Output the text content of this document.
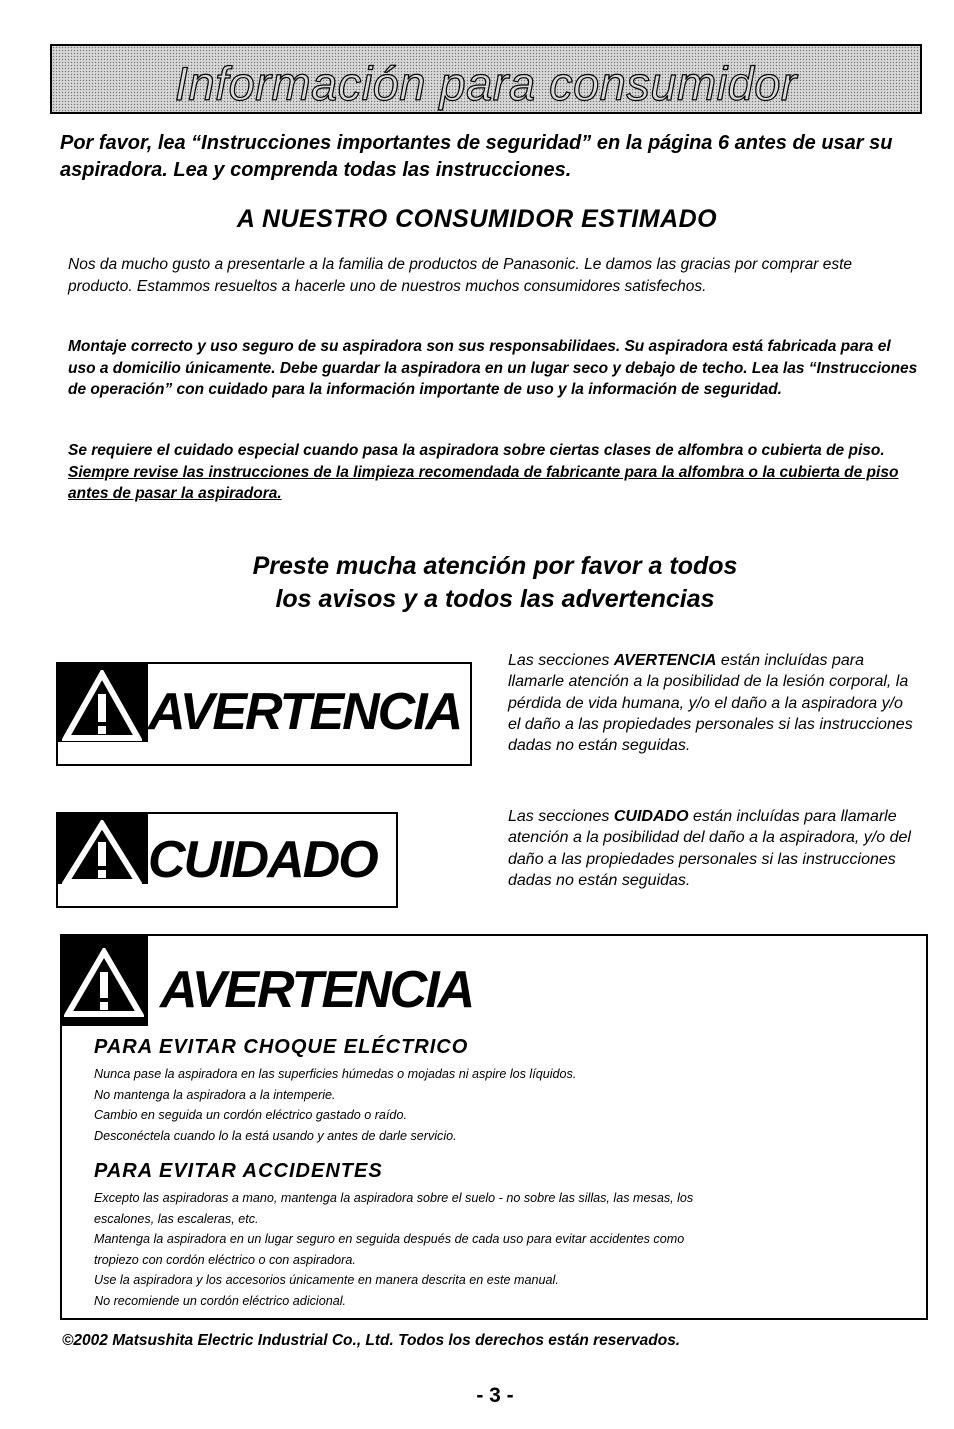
Información para consumidor
Por favor, lea “Instrucciones importantes de seguridad” en la página 6 antes de usar su aspiradora. Lea y comprenda todas las instrucciones.
A NUESTRO CONSUMIDOR ESTIMADO
Nos da mucho gusto a presentarle a la familia de productos de Panasonic. Le damos las gracias por comprar este producto. Estammos resueltos a hacerle uno de nuestros muchos consumidores satisfechos.
Montaje correcto y uso seguro de su aspiradora son sus responsabilidaes. Su aspiradora está fabricada para el uso a domicilio únicamente. Debe guardar la aspiradora en un lugar seco y debajo de techo. Lea las “Instrucciones de operación” con cuidado para la información importante de uso y la información de seguridad.
Se requiere el cuidado especial cuando pasa la aspiradora sobre ciertas clases de alfombra o cubierta de piso. Siempre revise las instrucciones de la limpieza recomendada de fabricante para la alfombra o la cubierta de piso antes de pasar la aspiradora.
Preste mucha atención por favor a todos
los avisos y a todos las advertencias
AVERTENCIA
Las secciones AVERTENCIA están incluídas para llamarle atención a la posibilidad de la lesión corporal, la pérdida de vida humana, y/o el daño a la aspiradora y/o el daño a las propiedades personales si las instrucciones dadas no están seguidas.
CUIDADO
Las secciones CUIDADO están incluídas para llamarle atención a la posibilidad del daño a la aspiradora, y/o del daño a las propiedades personales si las instrucciones dadas no están seguidas.
AVERTENCIA
PARA EVITAR CHOQUE ELÉCTRICO
Nunca pase la aspiradora en las superficies húmedas o mojadas ni aspire los líquidos.
No mantenga la aspiradora a la intemperie.
Cambio en seguida un cordón eléctrico gastado o raído.
Desconéctela cuando lo la está usando y antes de darle servicio.
PARA EVITAR ACCIDENTES
Excepto las aspiradoras a mano, mantenga la aspiradora sobre el suelo - no sobre las sillas, las mesas, los
escalones, las escaleras, etc.
Mantenga la aspiradora en un lugar seguro en seguida después de cada uso para evitar accidentes como
tropiezo con cordón eléctrico o con aspiradora.
Use la aspiradora y los accesorios únicamente en manera descrita en este manual.
No recomiende un cordón eléctrico adicional.
©2002 Matsushita Electric Industrial Co., Ltd. Todos los derechos están reservados.
- 3 -
